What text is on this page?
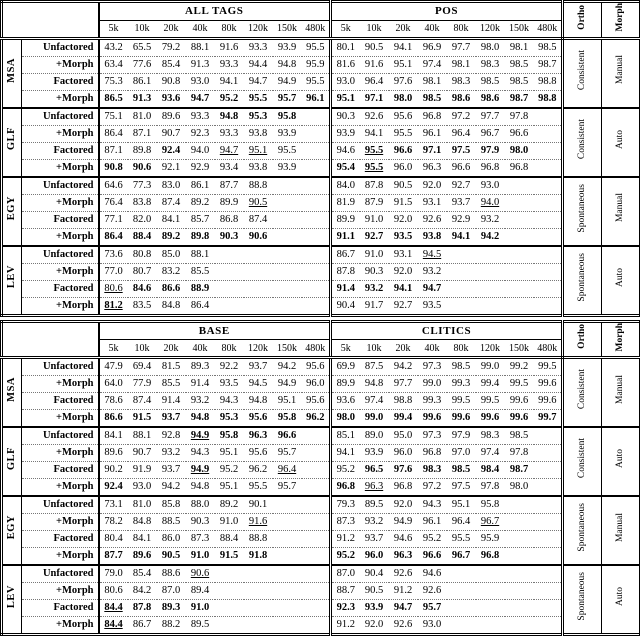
		ALL TAGS								POS								Ortho	Morph
		5k	10k	20k	40k	80k	120k	150k	480k	5k	10k	20k	40k	80k	120k	150k	480k		
MSA	Unfactored	43.2	65.5	79.2	88.1	91.6	93.3	93.9	95.5	80.1	90.5	94.1	96.9	97.7	98.0	98.1	98.5	Consistent	Manual
	+Morph	63.4	77.6	85.4	91.3	93.3	94.4	94.8	95.9	81.6	91.6	95.1	97.4	98.1	98.3	98.5	98.7		
	Factored	75.3	86.1	90.8	93.0	94.1	94.7	94.9	95.5	93.0	96.4	97.6	98.1	98.3	98.5	98.5	98.8		
	+Morph	86.5	91.3	93.6	94.7	95.2	95.5	95.7	96.1	95.1	97.1	98.0	98.5	98.6	98.6	98.7	98.8		
GLF	Unfactored	75.1	81.0	89.6	93.3	94.8	95.3	95.8		90.3	92.6	95.6	96.8	97.2	97.7	97.8		Consistent	Auto
	+Morph	86.4	87.1	90.7	92.3	93.3	93.8	93.9		93.9	94.1	95.5	96.1	96.4	96.7	96.6			
	Factored	87.1	89.8	92.4	94.0	94.7	95.1	95.5		94.6	95.5	96.6	97.1	97.5	97.9	98.0			
	+Morph	90.8	90.6	92.1	92.9	93.4	93.8	93.9		95.4	95.5	96.0	96.3	96.6	96.8	96.8			
EGY	Unfactored	64.6	77.3	83.0	86.1	87.7	88.8			84.0	87.8	90.5	92.0	92.7	93.0			Spontaneous	Manual
	+Morph	76.4	83.8	87.4	89.2	89.9	90.5			81.9	87.9	91.5	93.1	93.7	94.0				
	Factored	77.1	82.0	84.1	85.7	86.8	87.4			89.9	91.0	92.0	92.6	92.9	93.2				
	+Morph	86.4	88.4	89.2	89.8	90.3	90.6			91.1	92.7	93.5	93.8	94.1	94.2				
LEV	Unfactored	73.6	80.8	85.0	88.1					86.7	91.0	93.1	94.5					Spontaneous	Auto
	+Morph	77.0	80.7	83.2	85.5					87.8	90.3	92.0	93.2						
	Factored	80.6	84.6	86.6	88.9					91.4	93.2	94.1	94.7						
	+Morph	81.2	83.5	84.8	86.4					90.4	91.7	92.7	93.5						
		BASE								CLITICS								Ortho	Morph
		5k	10k	20k	40k	80k	120k	150k	480k	5k	10k	20k	40k	80k	120k	150k	480k		
MSA	Unfactored	47.9	69.4	81.5	89.3	92.2	93.7	94.2	95.6	69.9	87.5	94.2	97.3	98.5	99.0	99.2	99.5	Consistent	Manual
	+Morph	64.0	77.9	85.5	91.4	93.5	94.5	94.9	96.0	89.9	94.8	97.7	99.0	99.3	99.4	99.5	99.6		
	Factored	78.6	87.4	91.4	93.2	94.3	94.8	95.1	95.6	93.6	97.4	98.8	99.3	99.5	99.5	99.6	99.6		
	+Morph	86.6	91.5	93.7	94.8	95.3	95.6	95.8	96.2	98.0	99.0	99.4	99.6	99.6	99.6	99.6	99.7		
GLF	Unfactored	84.1	88.1	92.8	94.9	95.8	96.3	96.6		85.1	89.0	95.0	97.3	97.9	98.3	98.5		Consistent	Auto
	+Morph	89.6	90.7	93.2	94.3	95.1	95.6	95.7		94.1	93.9	96.0	96.8	97.0	97.4	97.8			
	Factored	90.2	91.9	93.7	94.9	95.2	96.2	96.4		95.2	96.5	97.6	98.3	98.5	98.4	98.7			
	+Morph	92.4	93.0	94.2	94.8	95.1	95.5	95.7		96.8	96.3	96.8	97.2	97.5	97.8	98.0			
EGY	Unfactored	73.1	81.0	85.8	88.0	89.2	90.1			79.3	89.5	92.0	94.3	95.1	95.8			Spontaneous	Manual
	+Morph	78.2	84.8	88.5	90.3	91.0	91.6			87.3	93.2	94.9	96.1	96.4	96.7				
	Factored	80.4	84.1	86.0	87.3	88.4	88.8			91.2	93.7	94.6	95.2	95.5	95.9				
	+Morph	87.7	89.6	90.5	91.0	91.5	91.8			95.2	96.0	96.3	96.6	96.7	96.8				
LEV	Unfactored	79.0	85.4	88.6	90.6					87.0	90.4	92.6	94.6					Spontaneous	Auto
	+Morph	80.6	84.2	87.0	89.4					88.7	90.5	91.2	92.6						
	Factored	84.4	87.8	89.3	91.0					92.3	93.9	94.7	95.7						
	+Morph	84.4	86.7	88.2	89.5					91.2	92.0	92.6	93.0						
